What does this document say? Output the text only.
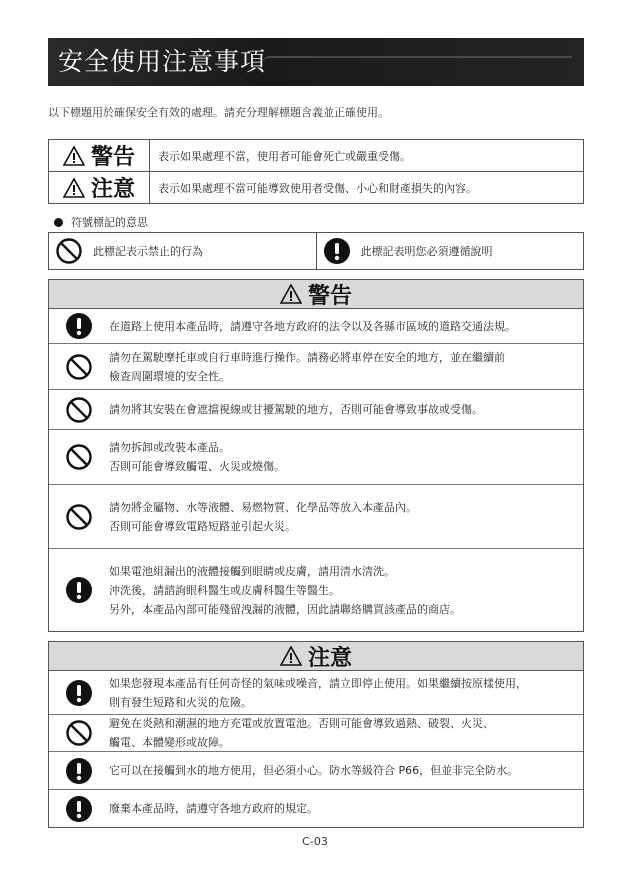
安全使用注意事項
以下標題用於確保安全有效的處理。請充分理解標題含義並正確使用。
警告	表示如果處理不當，使用者可能會死亡或嚴重受傷。
注意	表示如果處理不當可能導致使用者受傷、小心和財產損失的內容。
符號標記的意思
此標記表示禁止的行為	此標記表明您必須遵循說明
警告
在道路上使用本產品時，請遵守各地方政府的法令以及各縣市區域的道路交通法規。
請勿在駕駛摩托車或自行車時進行操作。請務必將車停在安全的地方，並在繼續前
檢查周圍環境的安全性。
請勿將其安裝在會遮擋視線或甘擾駕駛的地方，否則可能會導致事故或受傷。
請勿拆卸或改裝本產品。
否則可能會導致觸電、火災或燒傷。
請勿將金屬物、水等液體、易燃物質、化學品等放入本產品內。
否則可能會導致電路短路並引起火災。
如果電池組漏出的液體接觸到眼睛或皮膚，請用清水清洗。
沖洗後，請諮詢眼科醫生或皮膚科醫生等醫生。
另外，本產品內部可能殘留洩漏的液體，因此請聯絡購買該產品的商店。
注意
如果您發現本產品有任何奇怪的氣味或噪音，請立即停止使用。如果繼續按原樣使用，
則有發生短路和火災的危險。
避免在炎熱和潮濕的地方充電或放置電池。否則可能會導致過熱、破裂、火災、
觸電、本體變形或故障。
它可以在接觸到水的地方使用，但必須小心。防水等級符合 P66，但並非完全防水。
廢棄本產品時，請遵守各地方政府的規定。
C-03
